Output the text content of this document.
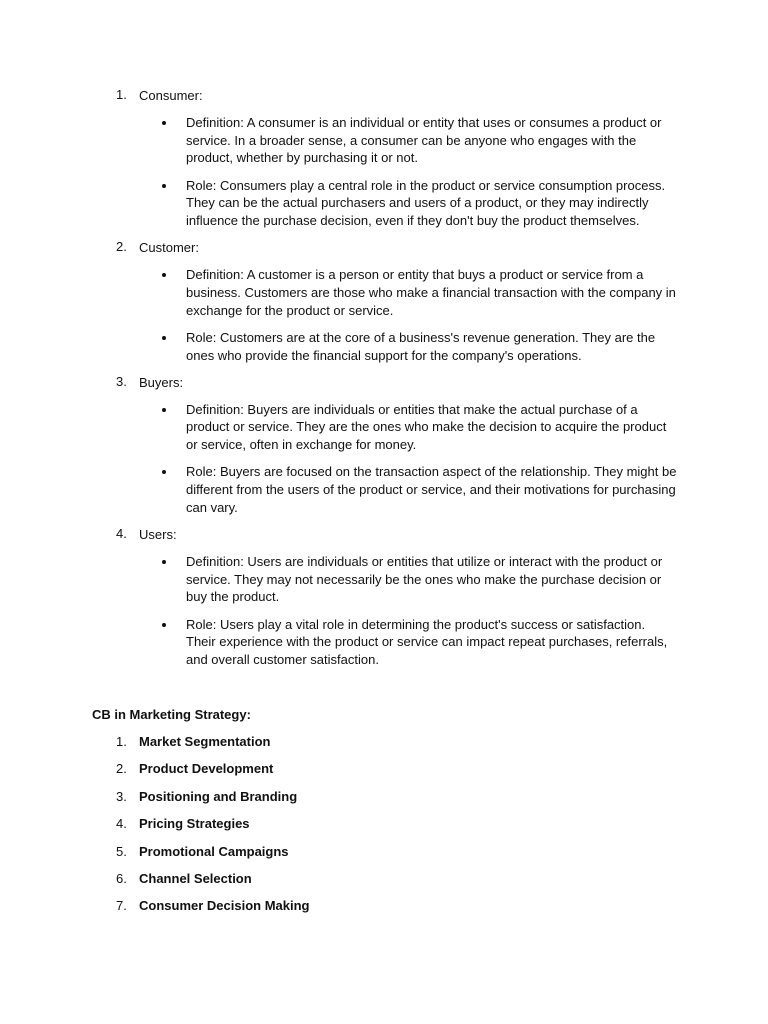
1. Consumer:
Definition: A consumer is an individual or entity that uses or consumes a product or service. In a broader sense, a consumer can be anyone who engages with the product, whether by purchasing it or not.
Role: Consumers play a central role in the product or service consumption process. They can be the actual purchasers and users of a product, or they may indirectly influence the purchase decision, even if they don't buy the product themselves.
2. Customer:
Definition: A customer is a person or entity that buys a product or service from a business. Customers are those who make a financial transaction with the company in exchange for the product or service.
Role: Customers are at the core of a business's revenue generation. They are the ones who provide the financial support for the company's operations.
3. Buyers:
Definition: Buyers are individuals or entities that make the actual purchase of a product or service. They are the ones who make the decision to acquire the product or service, often in exchange for money.
Role: Buyers are focused on the transaction aspect of the relationship. They might be different from the users of the product or service, and their motivations for purchasing can vary.
4. Users:
Definition: Users are individuals or entities that utilize or interact with the product or service. They may not necessarily be the ones who make the purchase decision or buy the product.
Role: Users play a vital role in determining the product's success or satisfaction. Their experience with the product or service can impact repeat purchases, referrals, and overall customer satisfaction.
CB in Marketing Strategy:
1. Market Segmentation
2. Product Development
3. Positioning and Branding
4. Pricing Strategies
5. Promotional Campaigns
6. Channel Selection
7. Consumer Decision Making
